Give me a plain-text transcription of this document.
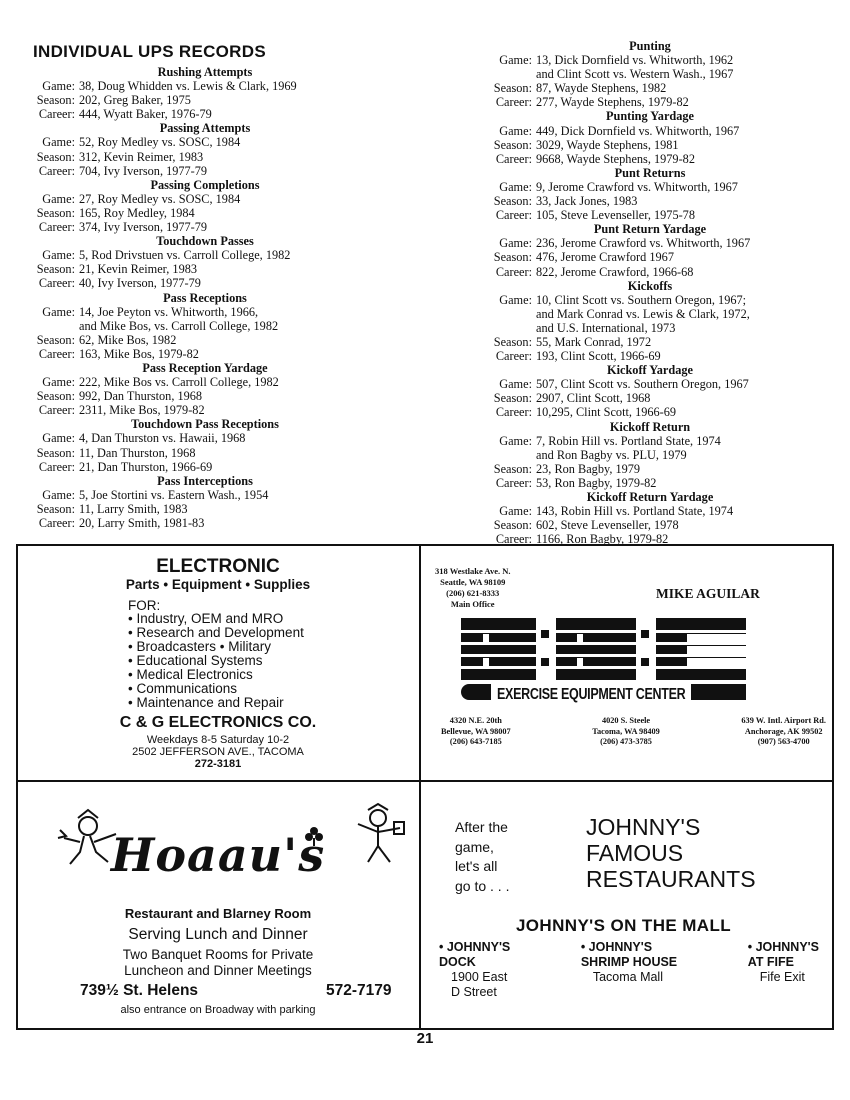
INDIVIDUAL UPS RECORDS
Rushing Attempts
Game: 38, Doug Whidden vs. Lewis & Clark, 1969
Season: 202, Greg Baker, 1975
Career: 444, Wyatt Baker, 1976-79
Passing Attempts
Game: 52, Roy Medley vs. SOSC, 1984
Season: 312, Kevin Reimer, 1983
Career: 704, Ivy Iverson, 1977-79
Passing Completions
Game: 27, Roy Medley vs. SOSC, 1984
Season: 165, Roy Medley, 1984
Career: 374, Ivy Iverson, 1977-79
Touchdown Passes
Game: 5, Rod Drivstuen vs. Carroll College, 1982
Season: 21, Kevin Reimer, 1983
Career: 40, Ivy Iverson, 1977-79
Pass Receptions
Game: 14, Joe Peyton vs. Whitworth, 1966,
and Mike Bos, vs. Carroll College, 1982
Season: 62, Mike Bos, 1982
Career: 163, Mike Bos, 1979-82
Pass Reception Yardage
Game: 222, Mike Bos vs. Carroll College, 1982
Season: 992, Dan Thurston, 1968
Career: 2311, Mike Bos, 1979-82
Touchdown Pass Receptions
Game: 4, Dan Thurston vs. Hawaii, 1968
Season: 11, Dan Thurston, 1968
Career: 21, Dan Thurston, 1966-69
Pass Interceptions
Game: 5, Joe Stortini vs. Eastern Wash., 1954
Season: 11, Larry Smith, 1983
Career: 20, Larry Smith, 1981-83
Punting
Game: 13, Dick Dornfield vs. Whitworth, 1962
and Clint Scott vs. Western Wash., 1967
Season: 87, Wayde Stephens, 1982
Career: 277, Wayde Stephens, 1979-82
Punting Yardage
Game: 449, Dick Dornfield vs. Whitworth, 1967
Season: 3029, Wayde Stephens, 1981
Career: 9668, Wayde Stephens, 1979-82
Punt Returns
Game: 9, Jerome Crawford vs. Whitworth, 1967
Season: 33, Jack Jones, 1983
Career: 105, Steve Levenseller, 1975-78
Punt Return Yardage
Game: 236, Jerome Crawford vs. Whitworth, 1967
Season: 476, Jerome Crawford 1967
Career: 822, Jerome Crawford, 1966-68
Kickoffs
Game: 10, Clint Scott vs. Southern Oregon, 1967;
and Mark Conrad vs. Lewis & Clark, 1972,
and U.S. International, 1973
Season: 55, Mark Conrad, 1972
Career: 193, Clint Scott, 1966-69
Kickoff Yardage
Game: 507, Clint Scott vs. Southern Oregon, 1967
Season: 2907, Clint Scott, 1968
Career: 10,295, Clint Scott, 1966-69
Kickoff Return
Game: 7, Robin Hill vs. Portland State, 1974
and Ron Bagby vs. PLU, 1979
Season: 23, Ron Bagby, 1979
Career: 53, Ron Bagby, 1979-82
Kickoff Return Yardage
Game: 143, Robin Hill vs. Portland State, 1974
Season: 602, Steve Levenseller, 1978
Career: 1166, Ron Bagby, 1979-82
ELECTRONIC
Parts • Equipment • Supplies
FOR:
• Industry, OEM and MRO
• Research and Development
• Broadcasters • Military
• Educational Systems
• Medical Electronics
• Communications
• Maintenance and Repair
C & G ELECTRONICS CO.
Weekdays 8-5 Saturday 10-2
2502 JEFFERSON AVE., TACOMA
272-3181
318 Westlake Ave. N.
Seattle, WA 98109
(206) 621-8333
Main Office
MIKE AGUILAR
EXERCISE EQUIPMENT CENTER
4320 N.E. 20th
Bellevue, WA 98007
(206) 643-7185
4020 S. Steele
Tacoma, WA 98409
(206) 473-3785
639 W. Intl. Airport Rd.
Anchorage, AK 99502
(907) 563-4700
Hoaau's
Restaurant and Blarney Room
Serving Lunch and Dinner
Two Banquet Rooms for Private
Luncheon and Dinner Meetings
739½ St. Helens	572-7179
also entrance on Broadway with parking
After the
game,
let's all
go to . . .
JOHNNY'S
FAMOUS
RESTAURANTS
JOHNNY'S ON THE MALL
• JOHNNY'S
DOCK
1900 East
D Street
• JOHNNY'S
SHRIMP HOUSE
Tacoma Mall
• JOHNNY'S
AT FIFE
Fife Exit
21
